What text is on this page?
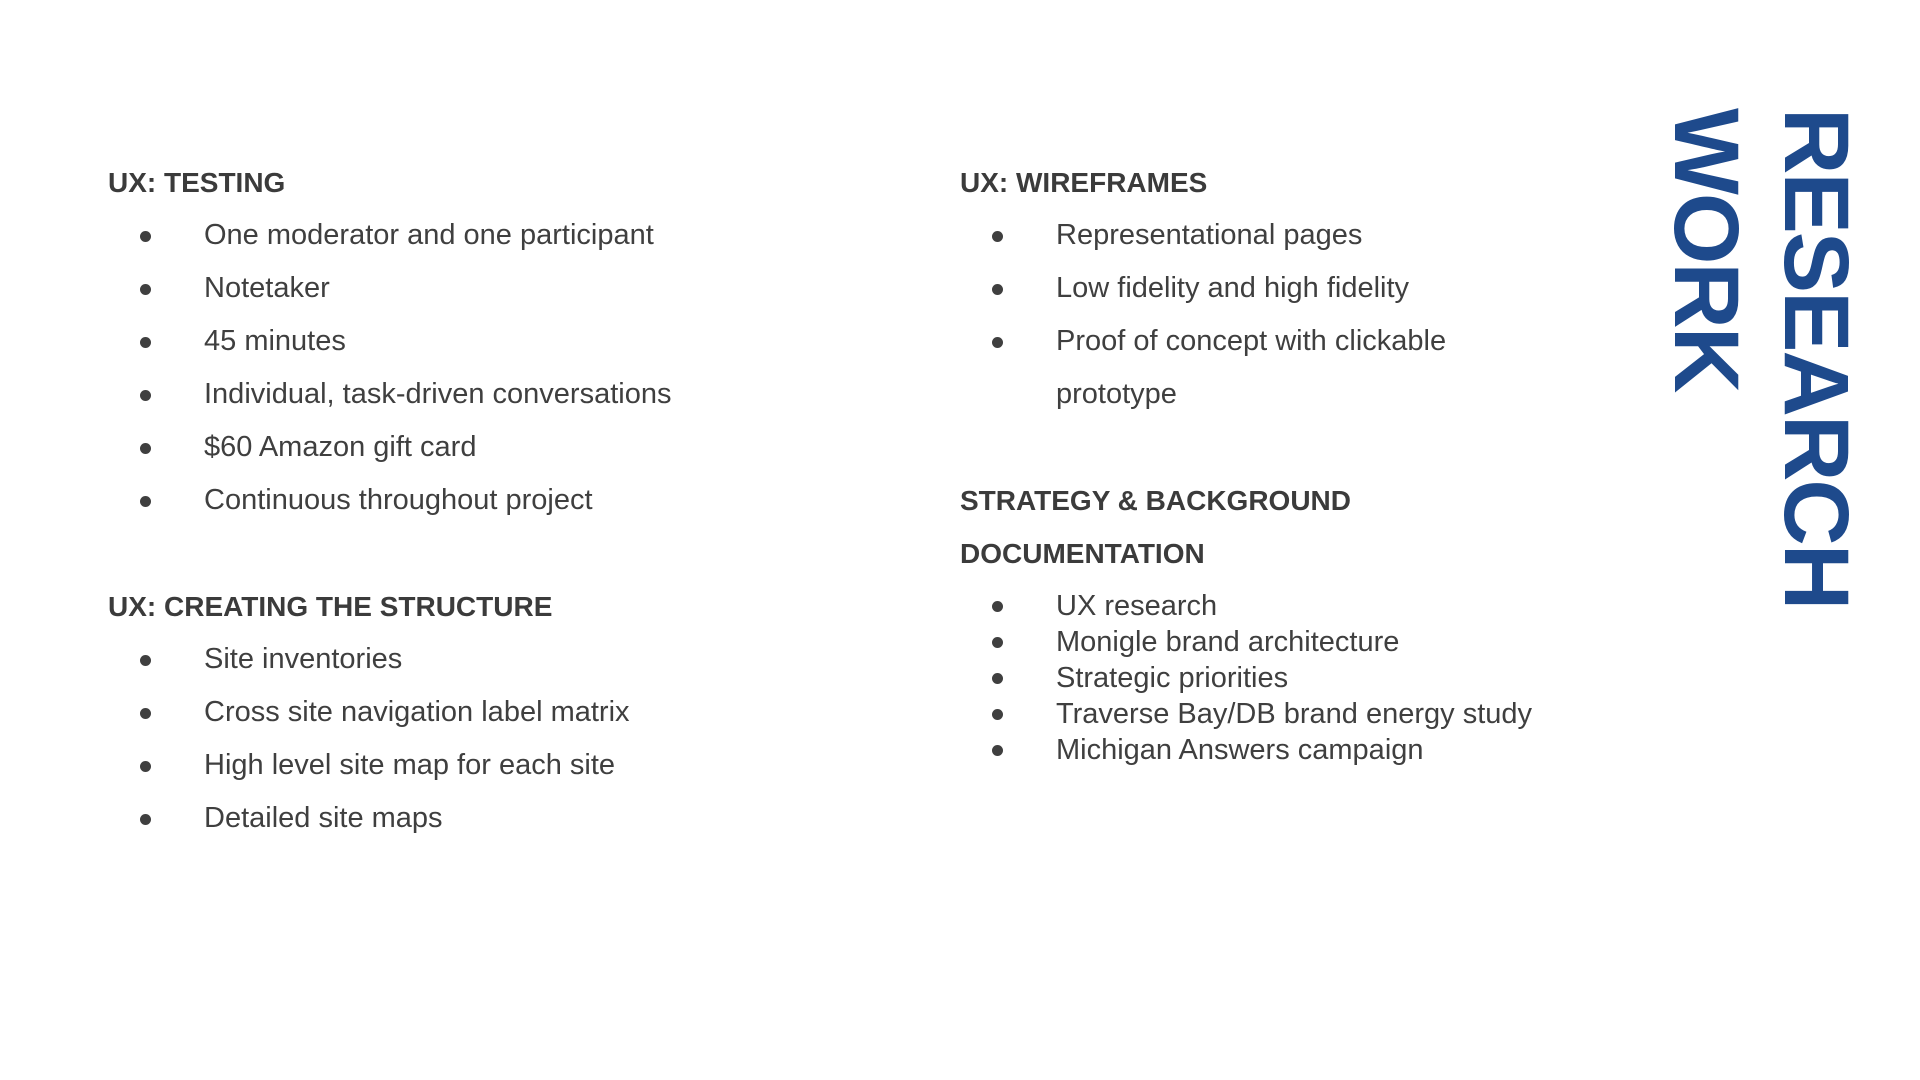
UX: TESTING
One moderator and one participant
Notetaker
45 minutes
Individual, task-driven conversations
$60 Amazon gift card
Continuous throughout project
UX: CREATING THE STRUCTURE
Site inventories
Cross site navigation label matrix
High level site map for each site
Detailed site maps
UX: WIREFRAMES
Representational pages
Low fidelity and high fidelity
Proof of concept with clickable prototype
STRATEGY & BACKGROUND
DOCUMENTATION
UX research
Monigle brand architecture
Strategic priorities
Traverse Bay/DB brand energy study
Michigan Answers campaign
RESEARCH
WORK
